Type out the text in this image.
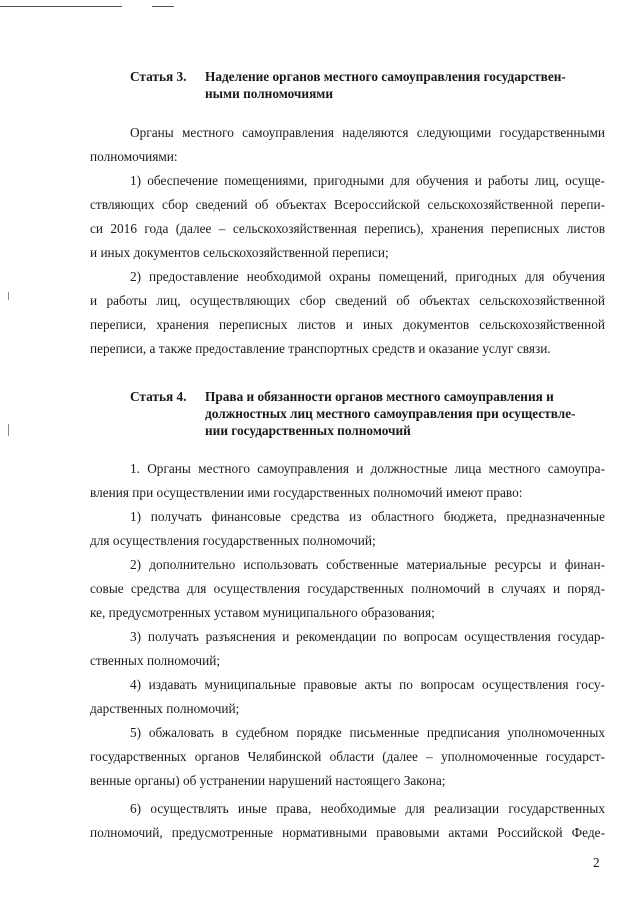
Статья 3. Наделение органов местного самоуправления государствен-
ными полномочиями
Органы местного самоуправления наделяются следующими государственными
полномочиями:
1) обеспечение помещениями, пригодными для обучения и работы лиц, осуще-
ствляющих сбор сведений об объектах Всероссийской сельскохозяйственной перепи-
си 2016 года (далее – сельскохозяйственная перепись), хранения переписных листов
и иных документов сельскохозяйственной переписи;
2) предоставление необходимой охраны помещений, пригодных для обучения
и работы лиц, осуществляющих сбор сведений об объектах сельскохозяйственной
переписи, хранения переписных листов и иных документов сельскохозяйственной
переписи, а также предоставление транспортных средств и оказание услуг связи.
Статья 4. Права и обязанности органов местного самоуправления и
должностных лиц местного самоуправления при осуществле-
нии государственных полномочий
1. Органы местного самоуправления и должностные лица местного самоупра-
вления при осуществлении ими государственных полномочий имеют право:
1) получать финансовые средства из областного бюджета, предназначенные
для осуществления государственных полномочий;
2) дополнительно использовать собственные материальные ресурсы и финан-
совые средства для осуществления государственных полномочий в случаях и поряд-
ке, предусмотренных уставом муниципального образования;
3) получать разъяснения и рекомендации по вопросам осуществления государ-
ственных полномочий;
4) издавать муниципальные правовые акты по вопросам осуществления госу-
дарственных полномочий;
5) обжаловать в судебном порядке письменные предписания уполномоченных
государственных органов Челябинской области (далее – уполномоченные государст-
венные органы) об устранении нарушений настоящего Закона;
6) осуществлять иные права, необходимые для реализации государственных
полномочий, предусмотренные нормативными правовыми актами Российской Феде-
2
